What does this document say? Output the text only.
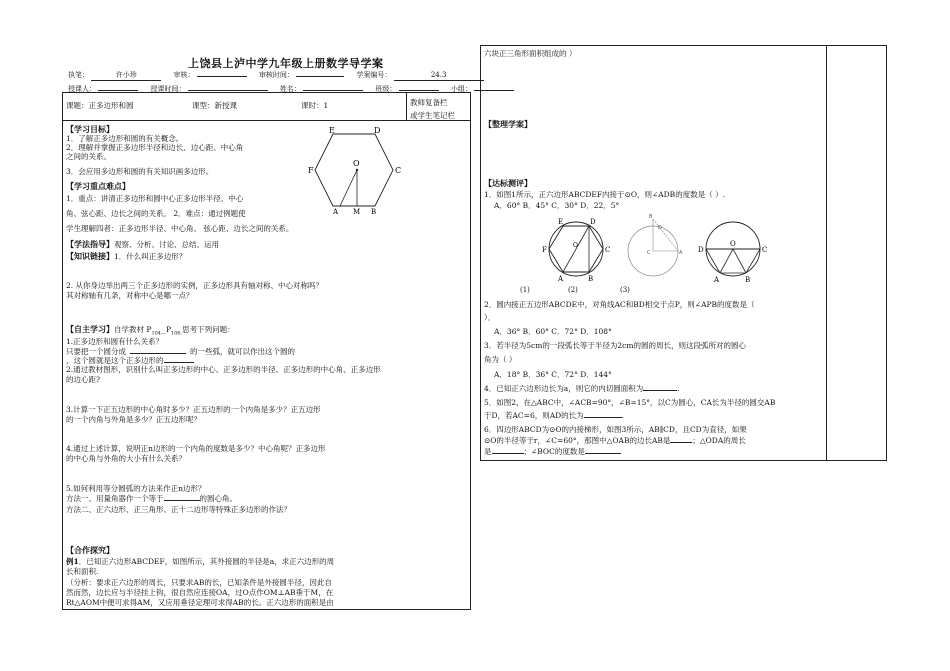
上饶县上泸中学九年级上册数学导学案
执笔：	许小珍	审核：	审核时间：	学案编号：	24.3
授课人：	授课时间：	姓名：	班级：	小组：
课题：正多边形和圆	课型：新授课	课时：1	教师复备栏
或学生笔记栏
【学习目标】
1．了解正多边形和圆的有关概念。
2．理解并掌握正多边形半径和边长、边心距、中心角
之间的关系。
3．会应用多边形和圆的有关知识画多边形。
E	D
F	C
A M B
O
【学习重点难点】
1．重点：讲清正多边形和圆中心正多边形半径、中心
角、弦心距、边长之间的关系。 2．难点：通过例题使
学生理解四者：正多边形半径、中心角、 弦心距、边长之间的关系。
【学法指导】观察、分析、讨论、总结、运用
【知识链接】1．什么叫正多边形？
2. 从你身边举出两三个正多边形的实例，正多边形具有轴对称、中心对称吗？
其对称轴有几条，对称中心是哪一点？
【自主学习】自学教材 $P_{104—}P_{106.}$思考下列问题：
1.正多边形和圆有什么关系？
只要把一个圆分成	的一些弧，就可以作出这个圆的
，这个圆就是这个正多边形的
2.通过教材图形，识别什么叫正多边形的中心、正多边形的半径、正多边形的中心角、正多边形
的边心距?
3.计算一下正五边形的中心角时多少？正五边形的一个内角是多少？正五边形
的一个内角与外角是多少？正五边形呢？
4.通过上述计算，说明正n边形的一个内角的度数是多少？中心角呢？正多边形
的中心角与外角的大小有什么关系？
5.如何利用等分圆弧的方法来作正n边形？
方法一、用量角器作一个等于	的圆心角。
方法二、正六边形、正三角形、正十二边形等特殊正多边形的作法？
【合作探究】
例1．已知正六边形ABCDEF，如图所示，其外接圆的半径是a，求正六边形的周
长和面积.
（分析：要求正六边形的周长，只要求AB的长，已知条件是外接圆半径，因此自
然而然，边长应与半径挂上钩，很自然应连接OA，过O点作OM⊥AB垂于M，在
Rt△AOM中便可求得AM，又应用垂径定理可求得AB的长。正六边形的面积是由
六块正三角形面积组成的 ）
【整理学案】
【达标测评】
1．如图1所示，正六边形ABCDEF内接于⊙O，则∠ADB的度数是（ ）.
A．60° B．45° C．30° D．22．5°
E	D
F	C
A	B
O
B
D
C	A D
O
C
A	B
(1)	(2)	(3)
2．圆内接正五边形ABCDE中，对角线AC和BD相交于点P，则∠APB的度数是（
）．
A．36° B．60° C．72° D．108°
3．若半径为5cm的一段弧长等于半径为2cm的圆的周长，则这段弧所对的圆心
角为（ ）
A．18° B．36° C．72° D．144°
4．已知正六边形边长为a，则它的内切圆面积为	.
5．如图2，在△ABC中，∠ACB=90°，∠B=15°，以C为圆心，CA长为半径的圆交AB
于D，若AC=6，则AD的长为	.
6．四边形ABCD为⊙O的内接梯形，如图3所示，AB∥CD，且CD为直径，如果
⊙O的半径等于r，∠C=60°，那图中△OAB的边长AB是	；△ODA的周长
是	；∠BOC的度数是
